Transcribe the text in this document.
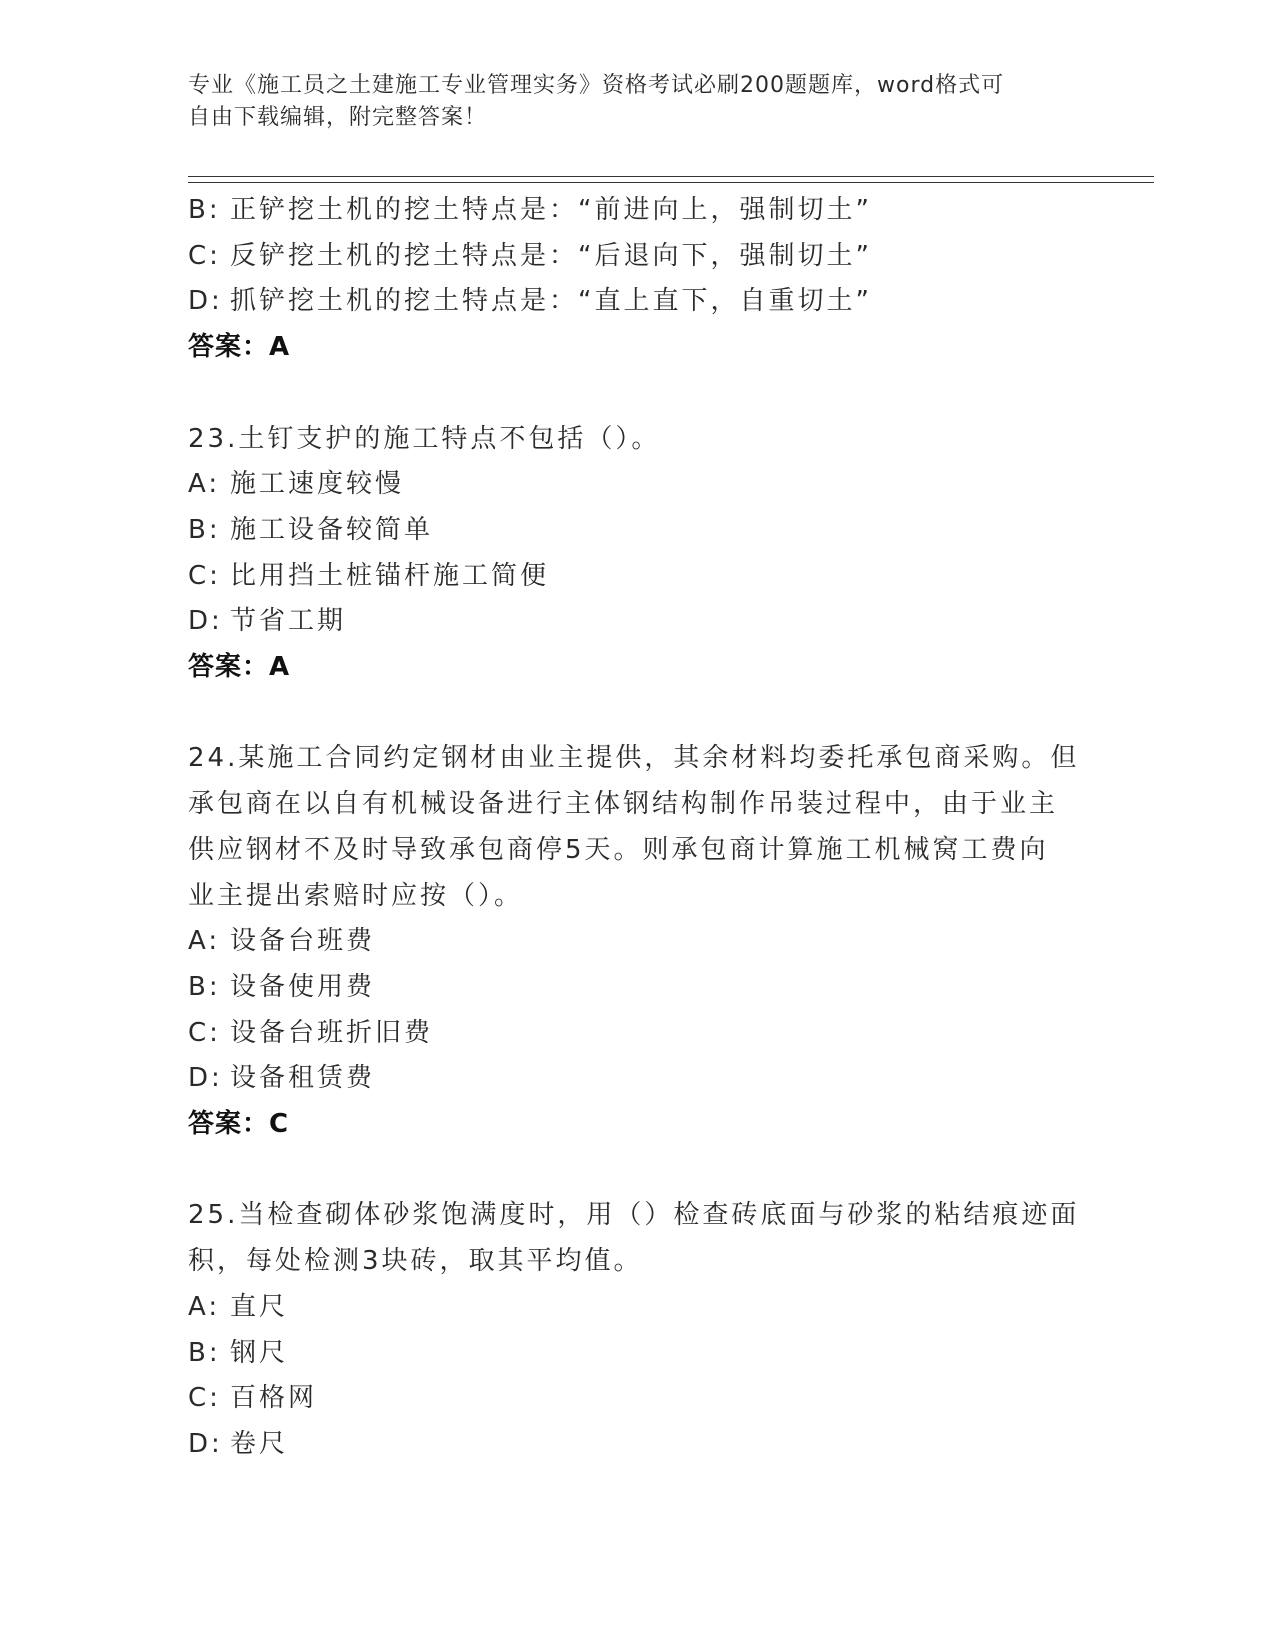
专业《施工员之土建施工专业管理实务》资格考试必刷200题题库，word格式可
自由下载编辑，附完整答案！
B: 正铲挖土机的挖土特点是：“前进向上，强制切土”
C: 反铲挖土机的挖土特点是：“后退向下，强制切土”
D: 抓铲挖土机的挖土特点是：“直上直下，自重切土”
答案：A
23.土钉支护的施工特点不包括（）。
A: 施工速度较慢
B: 施工设备较简单
C: 比用挡土桩锚杆施工简便
D: 节省工期
答案：A
24.某施工合同约定钢材由业主提供，其余材料均委托承包商采购。但
承包商在以自有机械设备进行主体钢结构制作吊装过程中，由于业主
供应钢材不及时导致承包商停5天。则承包商计算施工机械窝工费向
业主提出索赔时应按（）。
A: 设备台班费
B: 设备使用费
C: 设备台班折旧费
D: 设备租赁费
答案：C
25.当检查砌体砂浆饱满度时，用（）检查砖底面与砂浆的粘结痕迹面
积，每处检测3块砖，取其平均值。
A: 直尺
B: 钢尺
C: 百格网
D: 卷尺
